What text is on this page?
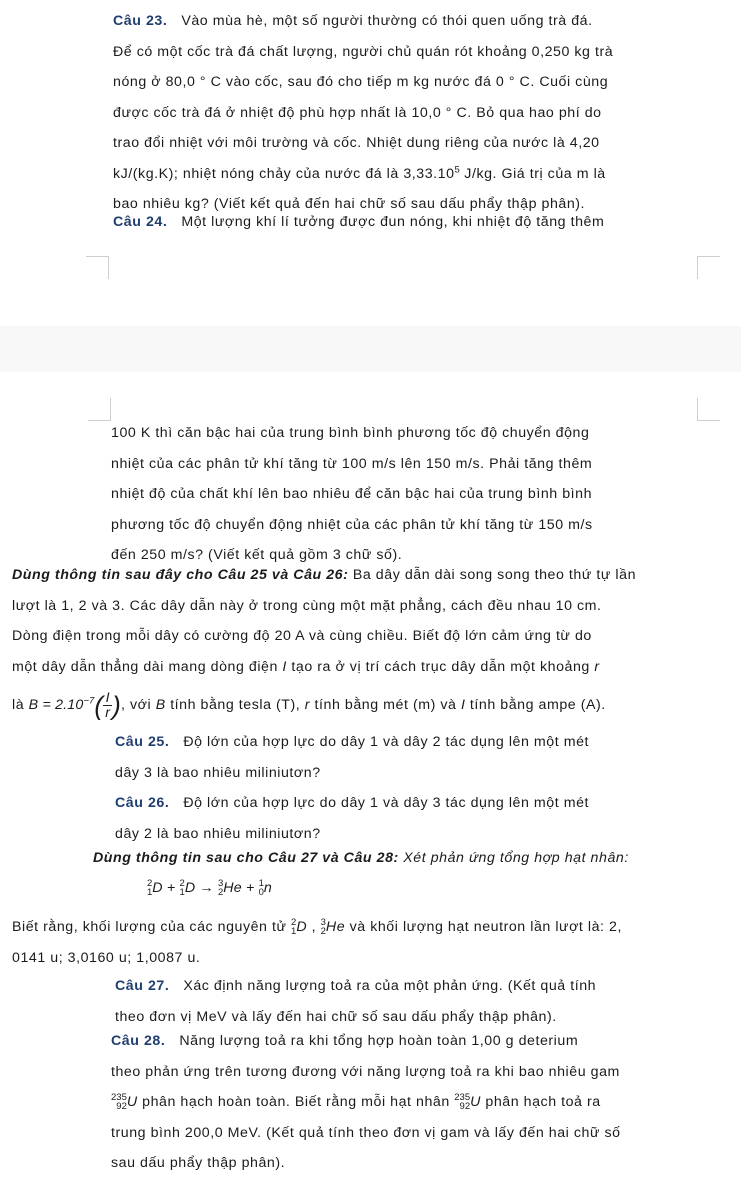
Câu 23. Vào mùa hè, một số người thường có thói quen uống trà đá.

Để có một cốc trà đá chất lượng, người chủ quán rót khoảng 0,250 kg trà

nóng ở 80,0 ° C vào cốc, sau đó cho tiếp m kg nước đá 0 ° C. Cuối cùng

được cốc trà đá ở nhiệt độ phù hợp nhất là 10,0 ° C. Bỏ qua hao phí do

trao đổi nhiệt với môi trường và cốc. Nhiệt dung riêng của nước là 4,20

kJ/(kg.K); nhiệt nóng chảy của nước đá là 3,33.10$^5$ J/kg. Giá trị của m là

bao nhiêu kg? (Viết kết quả đến hai chữ số sau dấu phẩy thập phân).

Câu 24. Một lượng khí lí tưởng được đun nóng, khi nhiệt độ tăng thêm

100 K thì căn bậc hai của trung bình bình phương tốc độ chuyển động

nhiệt của các phân tử khí tăng từ 100 m/s lên 150 m/s. Phải tăng thêm

nhiệt độ của chất khí lên bao nhiêu để căn bậc hai của trung bình bình

phương tốc độ chuyển động nhiệt của các phân tử khí tăng từ 150 m/s

đến 250 m/s? (Viết kết quả gồm 3 chữ số).

Dùng thông tin sau đây cho Câu 25 và Câu 26: Ba dây dẫn dài song song theo thứ tự lần

lượt là 1, 2 và 3. Các dây dẫn này ở trong cùng một mặt phẳng, cách đều nhau 10 cm.

Dòng điện trong mỗi dây có cường độ 20 A và cùng chiều. Biết độ lớn cảm ứng từ do

một dây dẫn thẳng dài mang dòng điện I tạo ra ở vị trí cách trục dây dẫn một khoảng r

là $B = 2.10^{-7}( \frac{I}{r}$ ), với B tính bằng tesla (T), r tính bằng mét (m) và I tính bằng ampe (A).

Câu 25. Độ lớn của hợp lực do dây 1 và dây 2 tác dụng lên một mét

dây 3 là bao nhiêu miliniutơn?

Câu 26. Độ lớn của hợp lực do dây 1 và dây 3 tác dụng lên một mét

dây 2 là bao nhiêu miliniutơn?

Dùng thông tin sau cho Câu 27 và Câu 28: Xét phản ứng tổng hợp hạt nhân:

2
1 D + 2
1 D → 3
2 He + 1
0 n

Biết rằng, khối lượng của các nguyên tử 2
1 D , 3
2 He và khối lượng hạt neutron lần lượt là: 2,

0141 u; 3,0160 u; 1,0087 u.

Câu 27. Xác định năng lượng toả ra của một phản ứng. (Kết quả tính

theo đơn vị MeV và lấy đến hai chữ số sau dấu phẩy thập phân).

Câu 28. Năng lượng toả ra khi tổng hợp hoàn toàn 1,00 g deterium

theo phản ứng trên tương đương với năng lượng toả ra khi bao nhiêu gam

235
92 U phân hạch hoàn toàn. Biết rằng mỗi hạt nhân 235
92 U phân hạch toả ra

trung bình 200,0 MeV. (Kết quả tính theo đơn vị gam và lấy đến hai chữ số

sau dấu phẩy thập phân).
